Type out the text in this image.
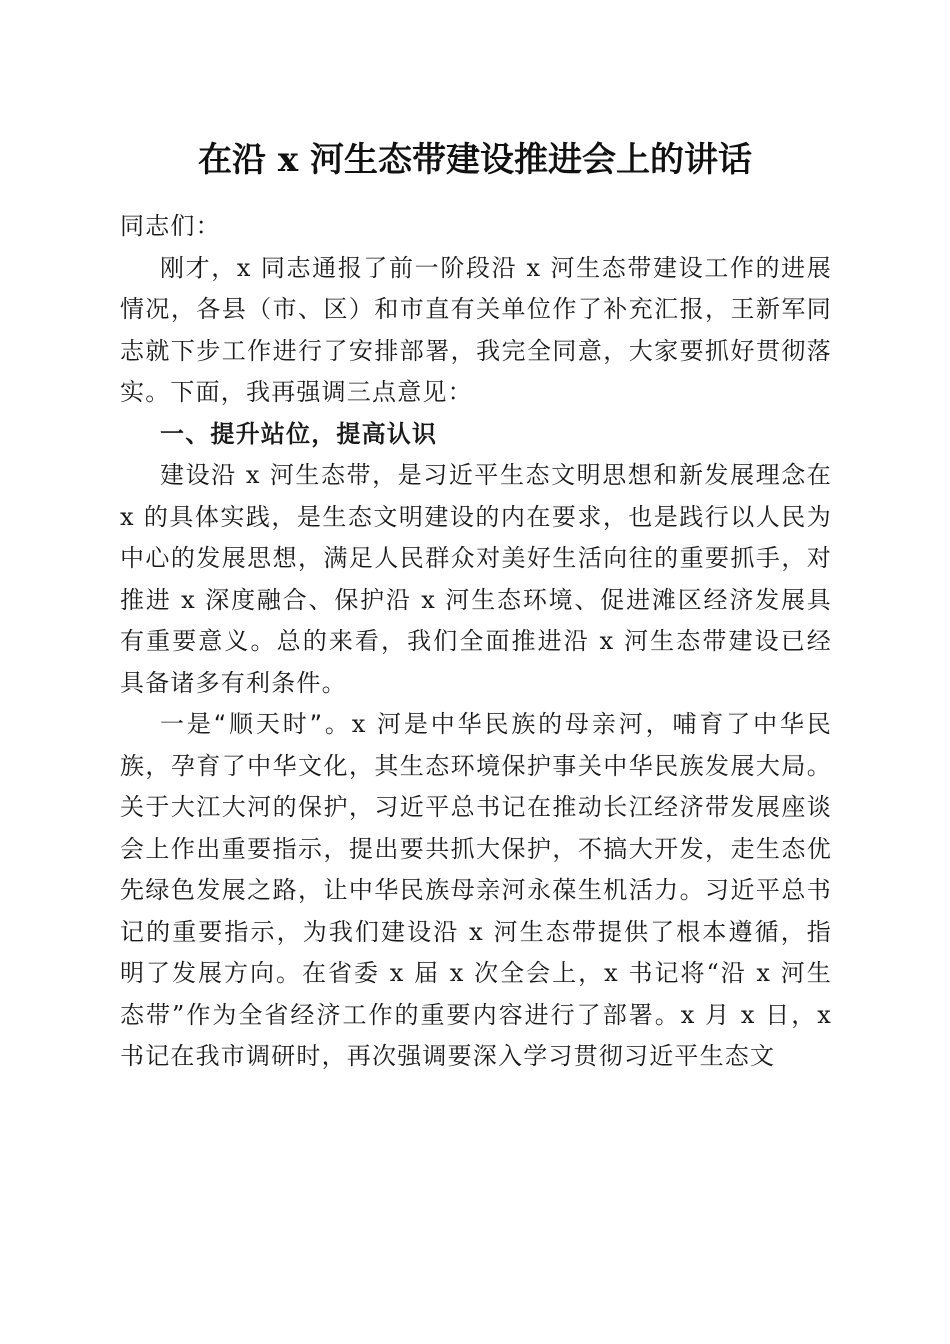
在沿 x 河生态带建设推进会上的讲话

同志们：

刚才，x 同志通报了前一阶段沿 x 河生态带建设工作的进展情况，各县（市、区）和市直有关单位作了补充汇报，王新军同志就下步工作进行了安排部署，我完全同意，大家要抓好贯彻落实。下面，我再强调三点意见：

一、提升站位，提高认识

建设沿 x 河生态带，是习近平生态文明思想和新发展理念在 x 的具体实践，是生态文明建设的内在要求，也是践行以人民为中心的发展思想，满足人民群众对美好生活向往的重要抓手，对推进 x 深度融合、保护沿 x 河生态环境、促进滩区经济发展具有重要意义。总的来看，我们全面推进沿 x 河生态带建设已经具备诸多有利条件。

一是“顺天时”。x 河是中华民族的母亲河，哺育了中华民族，孕育了中华文化，其生态环境保护事关中华民族发展大局。关于大江大河的保护，习近平总书记在推动长江经济带发展座谈会上作出重要指示，提出要共抓大保护，不搞大开发，走生态优先绿色发展之路，让中华民族母亲河永葆生机活力。习近平总书记的重要指示，为我们建设沿 x 河生态带提供了根本遵循，指明了发展方向。在省委 x 届 x 次全会上，x 书记将“沿 x 河生态带”作为全省经济工作的重要内容进行了部署。x 月 x 日，x 书记在我市调研时，再次强调要深入学习贯彻习近平生态文
